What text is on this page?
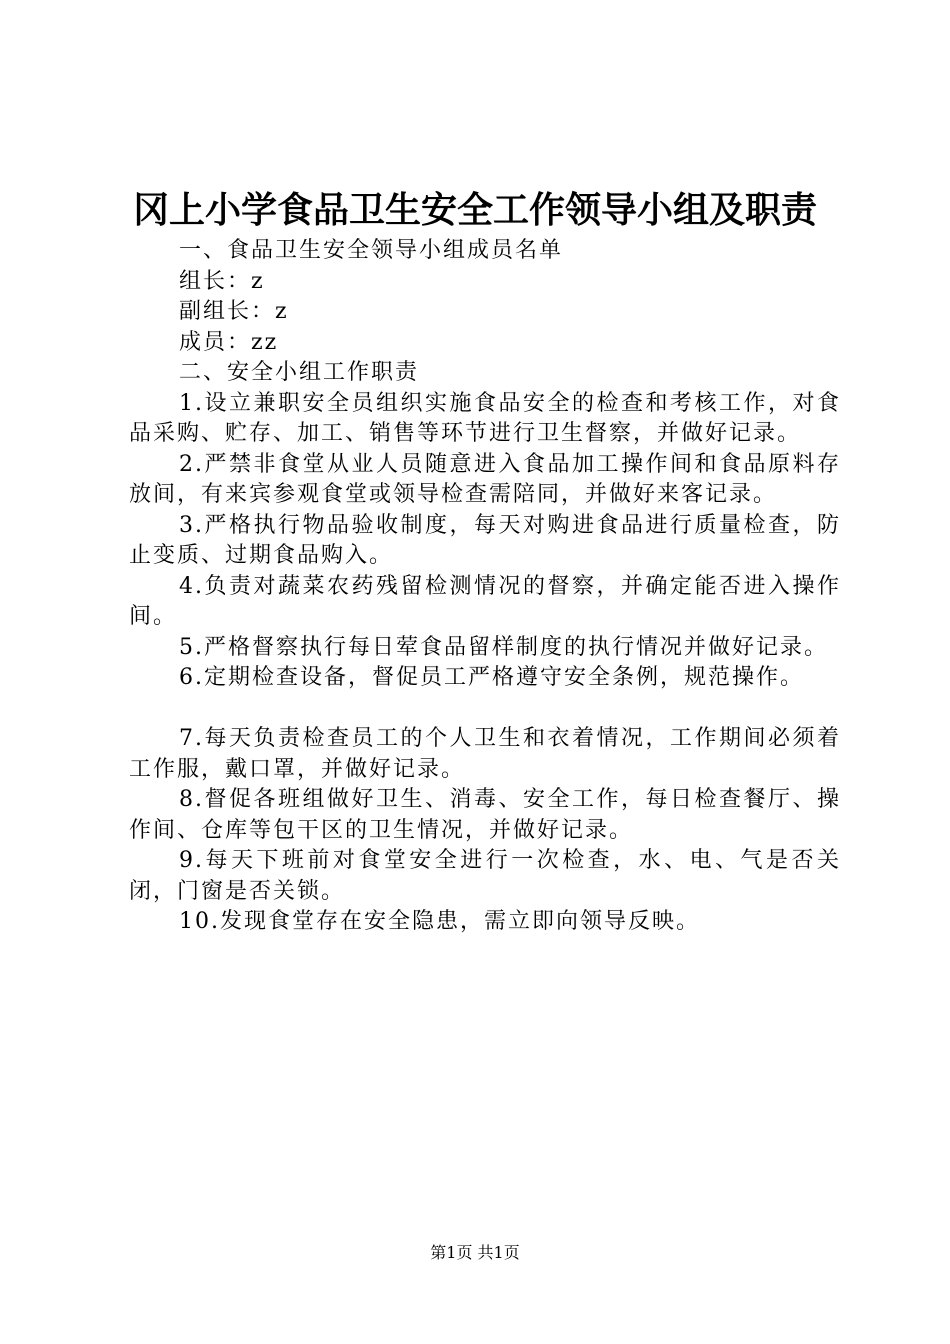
冈上小学食品卫生安全工作领导小组及职责

一、食品卫生安全领导小组成员名单

组长：z

副组长：z

成员：zz

二、安全小组工作职责

1.设立兼职安全员组织实施食品安全的检查和考核工作，对食品采购、贮存、加工、销售等环节进行卫生督察，并做好记录。

2.严禁非食堂从业人员随意进入食品加工操作间和食品原料存放间，有来宾参观食堂或领导检查需陪同，并做好来客记录。

3.严格执行物品验收制度，每天对购进食品进行质量检查，防止变质、过期食品购入。

4.负责对蔬菜农药残留检测情况的督察，并确定能否进入操作间。

5.严格督察执行每日荤食品留样制度的执行情况并做好记录。

6.定期检查设备，督促员工严格遵守安全条例，规范操作。

7.每天负责检查员工的个人卫生和衣着情况，工作期间必须着工作服，戴口罩，并做好记录。

8.督促各班组做好卫生、消毒、安全工作，每日检查餐厅、操作间、仓库等包干区的卫生情况，并做好记录。

9.每天下班前对食堂安全进行一次检查，水、电、气是否关闭，门窗是否关锁。

10.发现食堂存在安全隐患，需立即向领导反映。

第1页 共1页
